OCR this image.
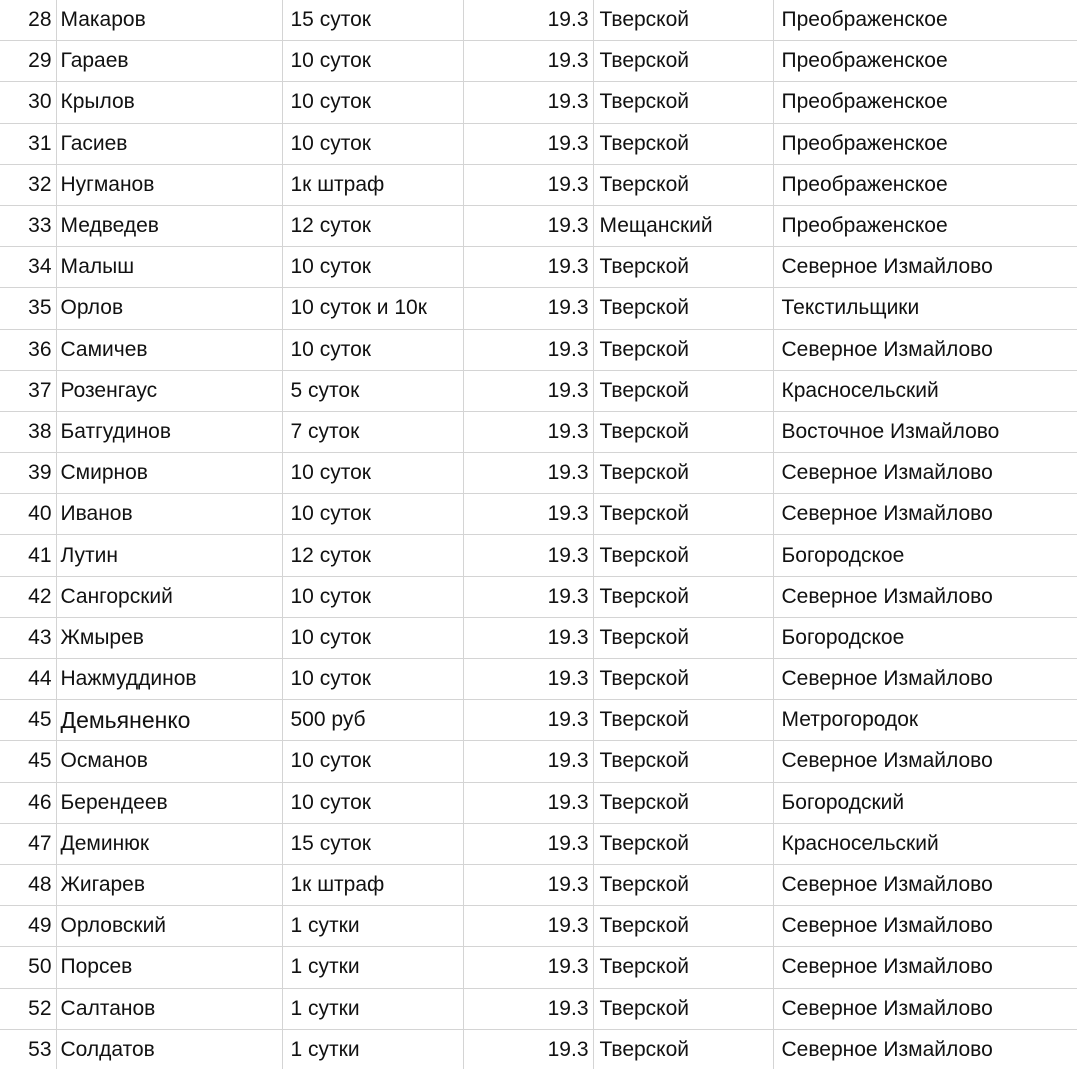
28	Макаров	15 суток	19.3	Тверской	Преображенское
29	Гараев	10 суток	19.3	Тверской	Преображенское
30	Крылов	10 суток	19.3	Тверской	Преображенское
31	Гасиев	10 суток	19.3	Тверской	Преображенское
32	Нугманов	1к штраф	19.3	Тверской	Преображенское
33	Медведев	12 суток	19.3	Мещанский	Преображенское
34	Малыш	10 суток	19.3	Тверской	Северное Измайлово
35	Орлов	10 суток и 10к	19.3	Тверской	Текстильщики
36	Самичев	10 суток	19.3	Тверской	Северное Измайлово
37	Розенгаус	5 суток	19.3	Тверской	Красносельский
38	Батгудинов	7 суток	19.3	Тверской	Восточное Измайлово
39	Смирнов	10 суток	19.3	Тверской	Северное Измайлово
40	Иванов	10 суток	19.3	Тверской	Северное Измайлово
41	Лутин	12 суток	19.3	Тверской	Богородское
42	Сангорский	10 суток	19.3	Тверской	Северное Измайлово
43	Жмырев	10 суток	19.3	Тверской	Богородское
44	Нажмуддинов	10 суток	19.3	Тверской	Северное Измайлово
45	Демьяненко	500 руб	19.3	Тверской	Метрогородок
45	Османов	10 суток	19.3	Тверской	Северное Измайлово
46	Берендеев	10 суток	19.3	Тверской	Богородский
47	Деминюк	15 суток	19.3	Тверской	Красносельский
48	Жигарев	1к штраф	19.3	Тверской	Северное Измайлово
49	Орловский	1 сутки	19.3	Тверской	Северное Измайлово
50	Порсев	1 сутки	19.3	Тверской	Северное Измайлово
52	Салтанов	1 сутки	19.3	Тверской	Северное Измайлово
53	Солдатов	1 сутки	19.3	Тверской	Северное Измайлово
